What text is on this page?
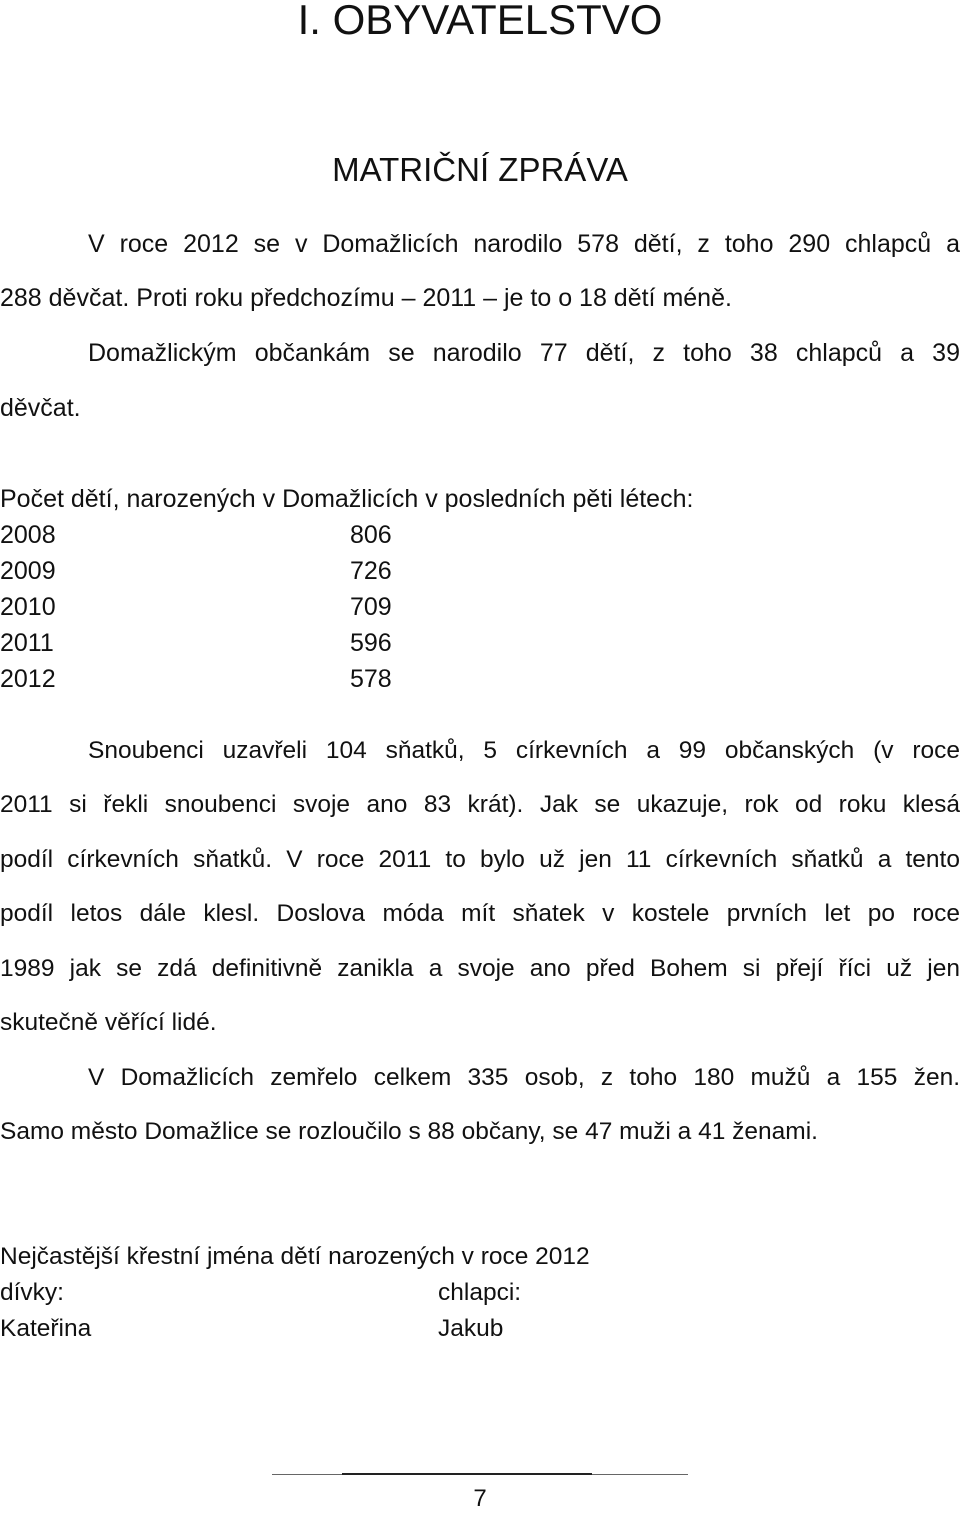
I. OBYVATELSTVO
MATRIČNÍ ZPRÁVA
V roce 2012 se v Domažlicích narodilo 578 dětí, z toho 290 chlapců a
288 děvčat. Proti roku předchozímu – 2011 – je to o 18 dětí méně.
Domažlickým občankám se narodilo 77 dětí, z toho 38 chlapců a 39
děvčat.
Počet dětí, narozených v Domažlicích v posledních pěti létech:
2008	806
2009	726
2010	709
2011	596
2012	578
Snoubenci uzavřeli 104 sňatků, 5 církevních a 99 občanských (v roce
2011 si řekli snoubenci svoje ano 83 krát). Jak se ukazuje, rok od roku klesá
podíl církevních sňatků. V roce 2011 to bylo už jen 11 církevních sňatků a tento
podíl letos dále klesl. Doslova móda mít sňatek v kostele prvních let po roce
1989 jak se zdá definitivně zanikla a svoje ano před Bohem si přejí říci už jen
skutečně věřící lidé.
V Domažlicích zemřelo celkem 335 osob, z toho 180 mužů a 155 žen.
Samo město Domažlice se rozloučilo s 88 občany, se 47 muži a 41 ženami.
Nejčastější křestní jména dětí narozených v roce 2012
dívky:	chlapci:
Kateřina	Jakub
7
